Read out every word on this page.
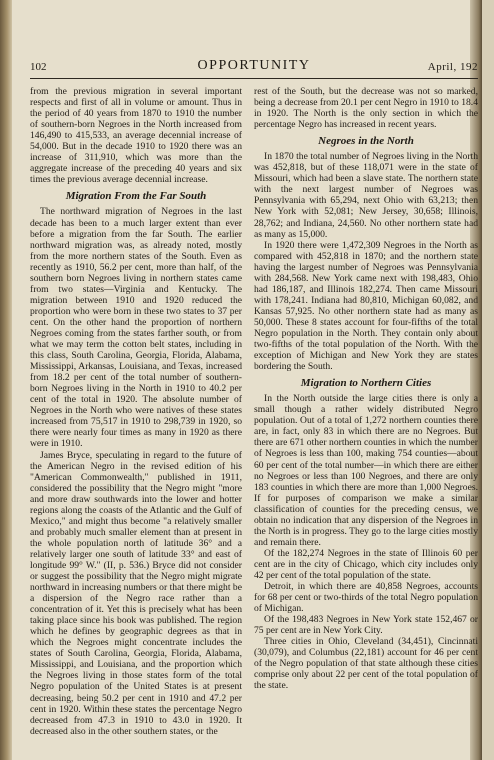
102	OPPORTUNITY	April, 192

from the previous migration in several important respects and first of all in volume or amount. Thus in the period of 40 years from 1870 to 1910 the number of southern-born Negroes in the North increased from 146,490 to 415,533, an average decennial increase of 54,000. But in the decade 1910 to 1920 there was an increase of 311,910, which was more than the aggregate increase of the preceding 40 years and six times the previous average decennial increase.

Migration From the Far South

The northward migration of Negroes in the last decade has been to a much larger extent than ever before a migration from the far South. The earlier northward migration was, as already noted, mostly from the more northern states of the South. Even as recently as 1910, 56.2 per cent, more than half, of the southern born Negroes living in northern states came from two states—Virginia and Kentucky. The migration between 1910 and 1920 reduced the proportion who were born in these two states to 37 per cent. On the other hand the proportion of northern Negroes coming from the states farther south, or from what we may term the cotton belt states, including in this class, South Carolina, Georgia, Florida, Alabama, Mississippi, Arkansas, Louisiana, and Texas, increased from 18.2 per cent of the total number of southern-born Negroes living in the North in 1910 to 40.2 per cent of the total in 1920. The absolute number of Negroes in the North who were natives of these states increased from 75,517 in 1910 to 298,739 in 1920, so there were nearly four times as many in 1920 as there were in 1910.

James Bryce, speculating in regard to the future of the American Negro in the revised edition of his "American Commonwealth," published in 1911, considered the possibility that the Negro might "more and more draw southwards into the lower and hotter regions along the coasts of the Atlantic and the Gulf of Mexico," and might thus become "a relatively smaller and probably much smaller element than at present in the whole population north of latitude 36° and a relatively larger one south of latitude 33° and east of longitude 99° W." (II, p. 536.) Bryce did not consider or suggest the possibility that the Negro might migrate northward in increasing numbers or that there might be a dispersion of the Negro race rather than a concentration of it. Yet this is precisely what has been taking place since his book was published. The region which he defines by geographic degrees as that in which the Negroes might concentrate includes the states of South Carolina, Georgia, Florida, Alabama, Mississippi, and Louisiana, and the proportion which the Negroes living in those states form of the total Negro population of the United States is at present decreasing, being 50.2 per cent in 1910 and 47.2 per cent in 1920. Within these states the percentage Negro decreased from 47.3 in 1910 to 43.0 in 1920. It decreased also in the other southern states, or the

rest of the South, but the decrease was not so marked, being a decrease from 20.1 per cent Negro in 1910 to 18.4 in 1920. The North is the only section in which the percentage Negro has increased in recent years.

Negroes in the North

In 1870 the total number of Negroes living in the North was 452,818, but of these 118,071 were in the state of Missouri, which had been a slave state. The northern state with the next largest number of Negroes was Pennsylvania with 65,294, next Ohio with 63,213; then New York with 52,081; New Jersey, 30,658; Illinois, 28,762; and Indiana, 24,560. No other northern state had as many as 15,000.

In 1920 there were 1,472,309 Negroes in the North as compared with 452,818 in 1870; and the northern state having the largest number of Negroes was Pennsylvania with 284,568. New York came next with 198,483, Ohio had 186,187, and Illinois 182,274. Then came Missouri with 178,241. Indiana had 80,810, Michigan 60,082, and Kansas 57,925. No other northern state had as many as 50,000. These 8 states account for four-fifths of the total Negro population in the North. They contain only about two-fifths of the total population of the North. With the exception of Michigan and New York they are states bordering the South.

Migration to Northern Cities

In the North outside the large cities there is only a small though a rather widely distributed Negro population. Out of a total of 1,272 northern counties there are, in fact, only 83 in which there are no Negroes. But there are 671 other northern counties in which the number of Negroes is less than 100, making 754 counties—about 60 per cent of the total number—in which there are either no Negroes or less than 100 Negroes, and there are only 183 counties in which there are more than 1,000 Negroes. If for purposes of comparison we make a similar classification of counties for the preceding census, we obtain no indication that any dispersion of the Negroes in the North is in progress. They go to the large cities mostly and remain there.

Of the 182,274 Negroes in the state of Illinois 60 per cent are in the city of Chicago, which city includes only 42 per cent of the total population of the state.

Detroit, in which there are 40,858 Negroes, accounts for 68 per cent or two-thirds of the total Negro population of Michigan.

Of the 198,483 Negroes in New York state 152,467 or 75 per cent are in New York City.

Three cities in Ohio, Cleveland (34,451), Cincinnati (30,079), and Columbus (22,181) account for 46 per cent of the Negro population of that state although these cities comprise only about 22 per cent of the total population of the state.
